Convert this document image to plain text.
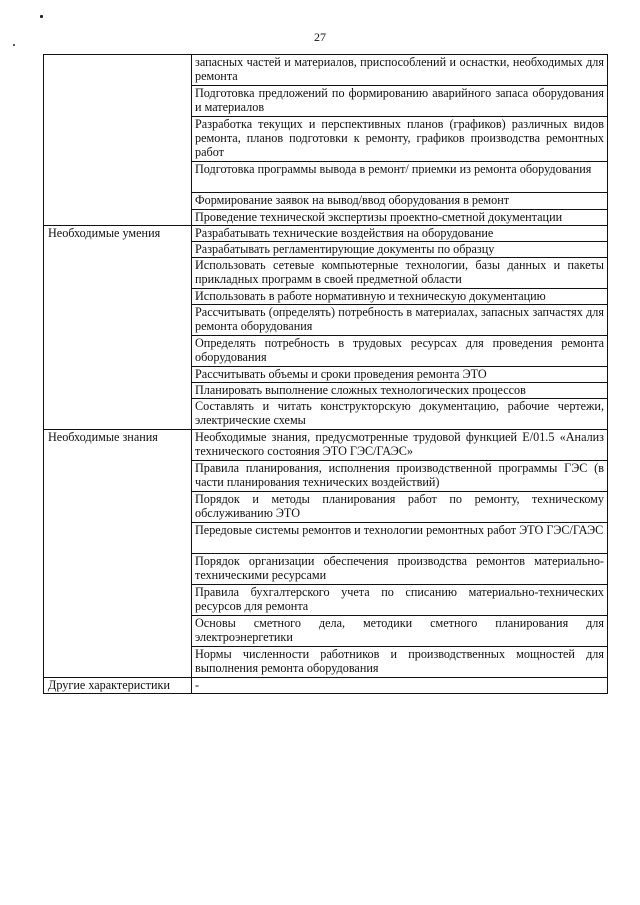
27
	запасных частей и материалов, приспособлений и оснастки, необходимых для ремонта
	Подготовка предложений по формированию аварийного запаса оборудования и материалов
	Разработка текущих и перспективных планов (графиков) различных видов ремонта, планов подготовки к ремонту, графиков производства ремонтных работ
	Подготовка программы вывода в ремонт/ приемки из ремонта оборудования
	Формирование заявок на вывод/ввод оборудования в ремонт
	Проведение технической экспертизы проектно-сметной документации
Необходимые умения	Разрабатывать технические воздействия на оборудование
	Разрабатывать регламентирующие документы по образцу
	Использовать сетевые компьютерные технологии, базы данных и пакеты прикладных программ в своей предметной области
	Использовать в работе нормативную и техническую документацию
	Рассчитывать (определять) потребность в материалах, запасных запчастях для ремонта оборудования
	Определять потребность в трудовых ресурсах для проведения ремонта оборудования
	Рассчитывать объемы и сроки проведения ремонта ЭТО
	Планировать выполнение сложных технологических процессов
	Составлять и читать конструкторскую документацию, рабочие чертежи, электрические схемы
Необходимые знания	Необходимые знания, предусмотренные трудовой функцией E/01.5 «Анализ технического состояния ЭТО ГЭС/ГАЭС»
	Правила планирования, исполнения производственной программы ГЭС (в части планирования технических воздействий)
	Порядок и методы планирования работ по ремонту, техническому обслуживанию ЭТО
	Передовые системы ремонтов и технологии ремонтных работ ЭТО ГЭС/ГАЭС
	Порядок организации обеспечения производства ремонтов материально-техническими ресурсами
	Правила бухгалтерского учета по списанию материально-технических ресурсов для ремонта
	Основы сметного дела, методики сметного планирования для электроэнергетики
	Нормы численности работников и производственных мощностей для выполнения ремонта оборудования
Другие характеристики	-
